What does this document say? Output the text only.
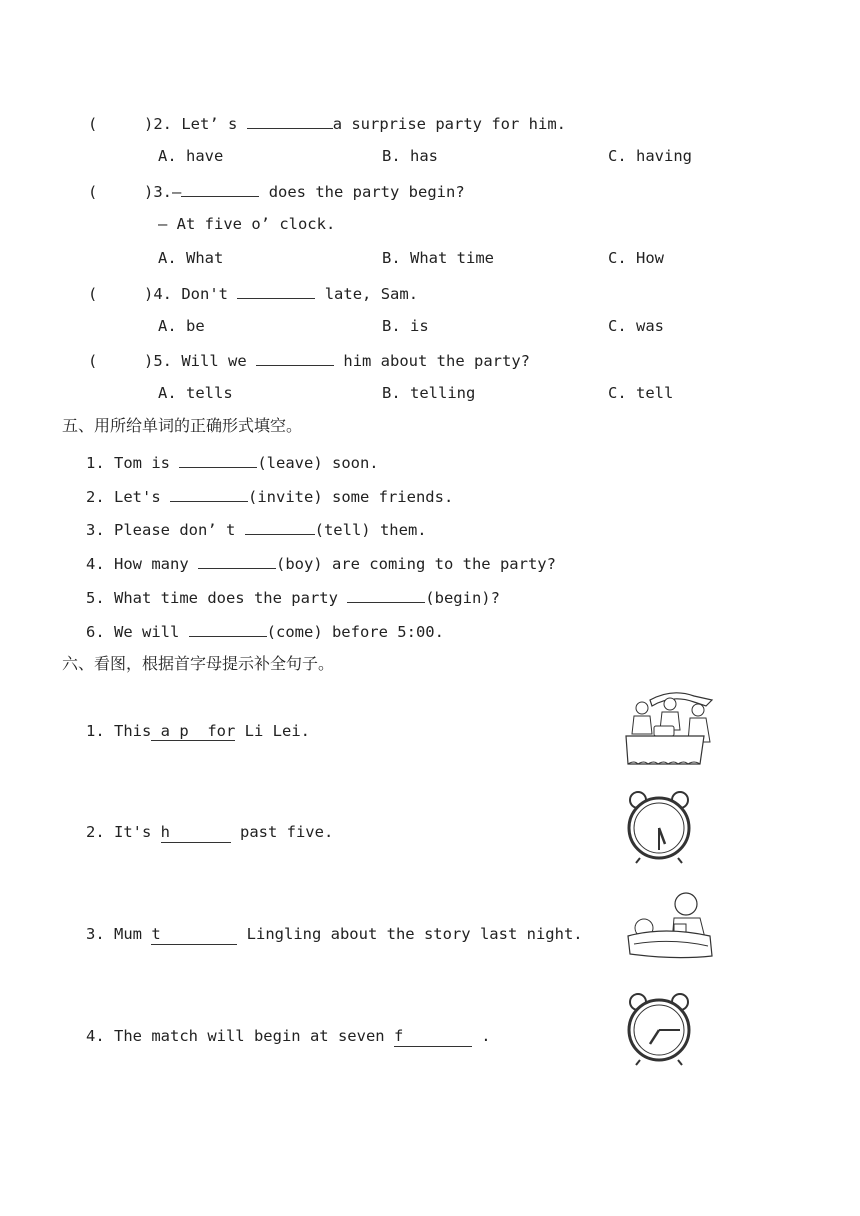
(	)2. Let’ s	a surprise party for him.
A. have	B. has	C. having
(	)3.—	does the party begin?
— At five o’ clock.
A. What	B. What time	C. How
(	)4. Don't	late, Sam.
A. be	B. is	C. was
(	)5. Will we	him about the party?
A. tells	B. telling	C. tell
五、用所给单词的正确形式填空。
1. Tom is	(leave) soon.
2. Let's	(invite) some friends.
3. Please don’ t	(tell) them.
4. How many	(boy) are coming to the party?
5. What time does the party	(begin)?
6. We will	(come) before 5:00.
六、看图，根据首字母提示补全句子。
1. This a p  for Li Lei.
2. It's h	past five.
3. Mum t	Lingling about the story last night.
4. The match will begin at seven f	.
